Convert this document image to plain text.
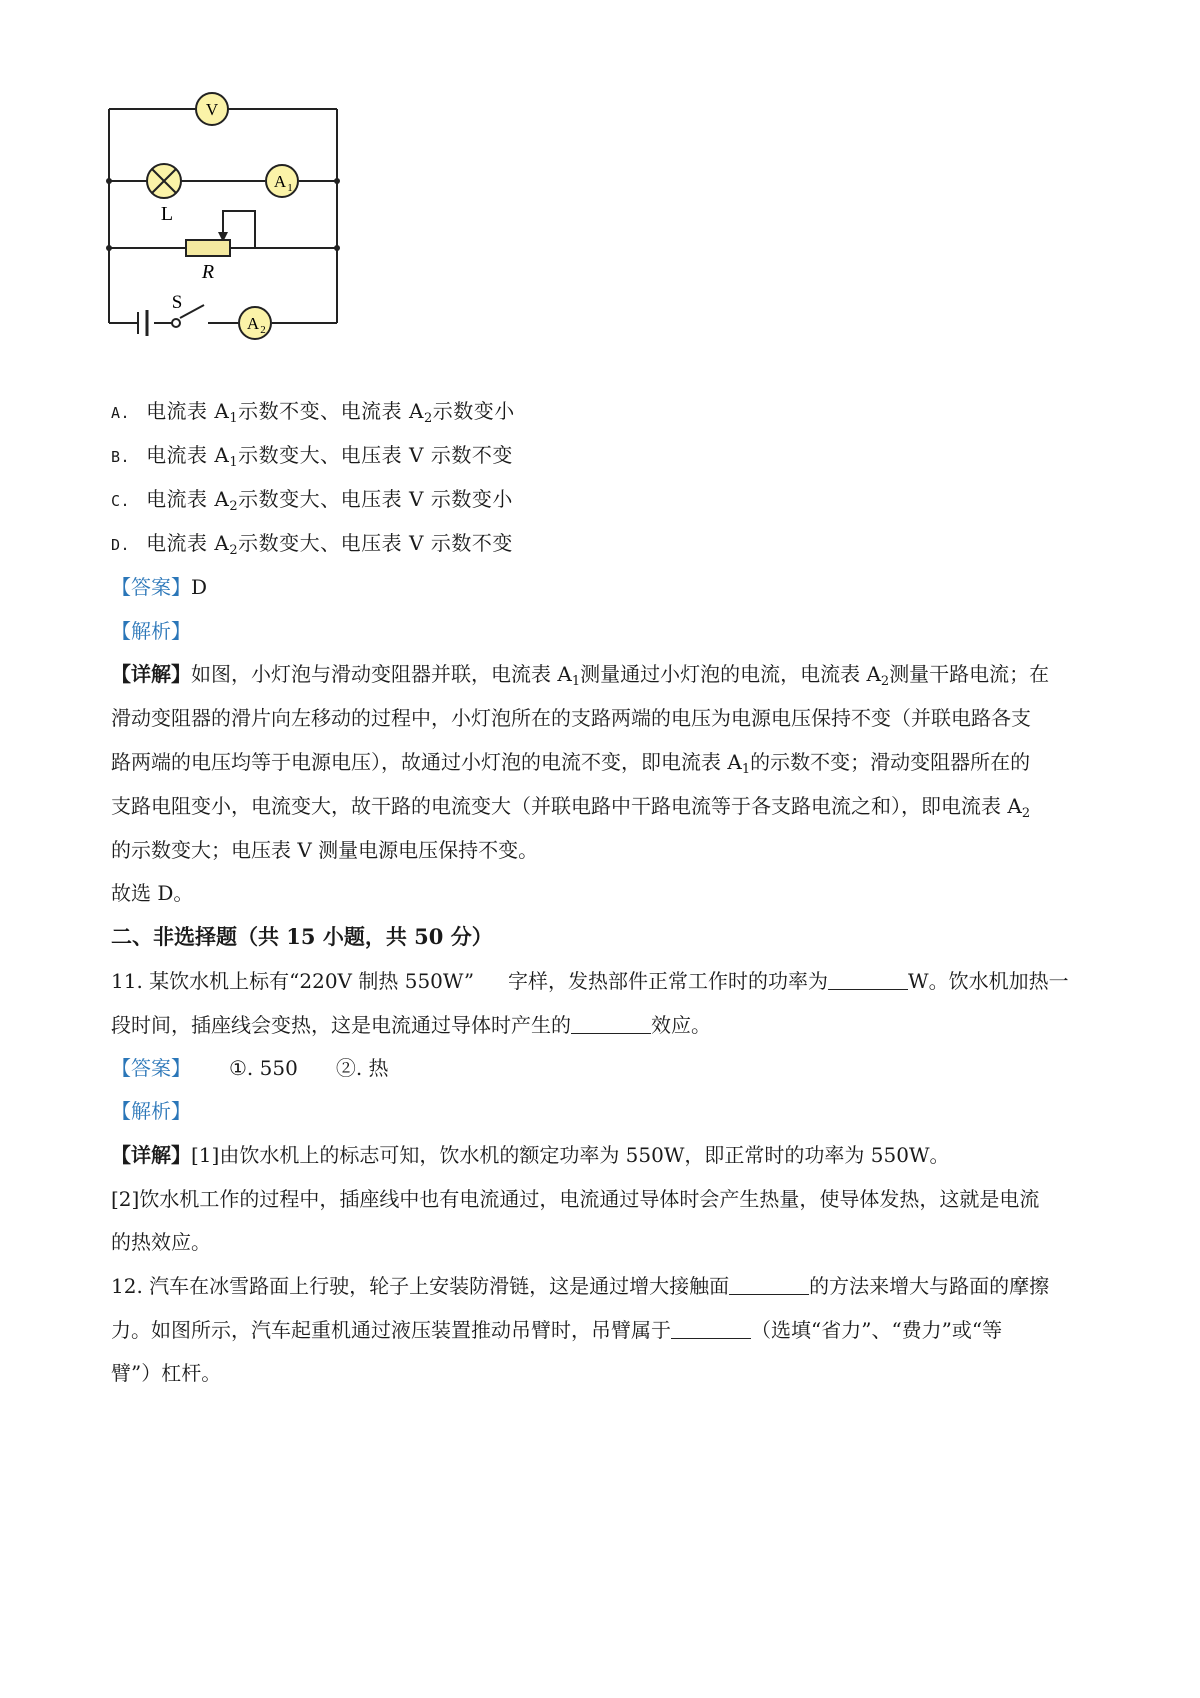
V
L
A 1
R
S
A 2
A. 电流表 $A_1$示数不变、电流表 $A_2$示数变小
B. 电流表 $A_1$示数变大、电压表 V 示数不变
C. 电流表 $A_2$示数变大、电压表 V 示数变小
D. 电流表 $A_2$示数变大、电压表 V 示数不变
【答案】D
【解析】
【详解】如图，小灯泡与滑动变阻器并联，电流表 $A_1$测量通过小灯泡的电流，电流表 $A_2$测量干路电流；在
滑动变阻器的滑片向左移动的过程中，小灯泡所在的支路两端的电压为电源电压保持不变（并联电路各支
路两端的电压均等于电源电压），故通过小灯泡的电流不变，即电流表 $A_1$的示数不变；滑动变阻器所在的
支路电阻变小，电流变大，故干路的电流变大（并联电路中干路电流等于各支路电流之和），即电流表 $A_2$
的示数变大；电压表 V 测量电源电压保持不变。
故选 D。
二、非选择题（共 15 小题，共 50 分）
11. 某饮水机上标有“220V 制热 550W” 字样，发热部件正常工作时的功率为	W。饮水机加热一
段时间，插座线会变热，这是电流通过导体时产生的	效应。
【答案】 ①. 550 ②. 热
【解析】
【详解】[1]由饮水机上的标志可知，饮水机的额定功率为 550W，即正常时的功率为 550W。
[2]饮水机工作的过程中，插座线中也有电流通过，电流通过导体时会产生热量，使导体发热，这就是电流
的热效应。
12. 汽车在冰雪路面上行驶，轮子上安装防滑链，这是通过增大接触面	的方法来增大与路面的摩擦
力。如图所示，汽车起重机通过液压装置推动吊臂时，吊臂属于	（选填“省力”、“费力”或“等
臂”）杠杆。
